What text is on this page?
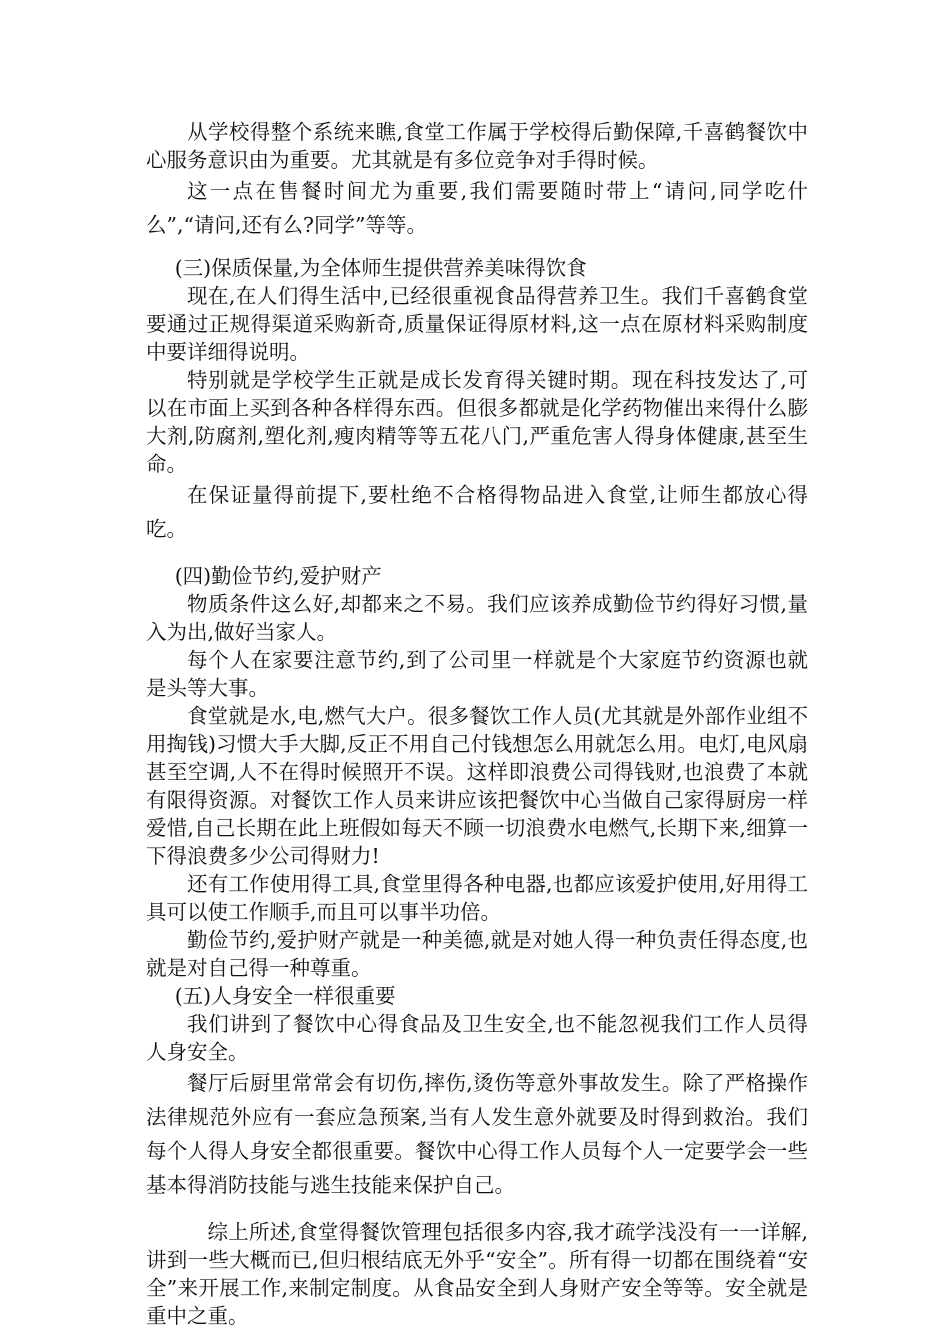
从学校得整个系统来瞧,食堂工作属于学校得后勤保障,千喜鹤餐饮中心服务意识由为重要。尤其就是有多位竞争对手得时候。

这一点在售餐时间尤为重要,我们需要随时带上“请问,同学吃什么”,“请问,还有么?同学”等等。

(三)保质保量,为全体师生提供营养美味得饮食

现在,在人们得生活中,已经很重视食品得营养卫生。我们千喜鹤食堂要通过正规得渠道采购新奇,质量保证得原材料,这一点在原材料采购制度中要详细得说明。

特别就是学校学生正就是成长发育得关键时期。现在科技发达了,可以在市面上买到各种各样得东西。但很多都就是化学药物催出来得什么膨大剂,防腐剂,塑化剂,瘦肉精等等五花八门,严重危害人得身体健康,甚至生命。

在保证量得前提下,要杜绝不合格得物品进入食堂,让师生都放心得吃。

(四)勤俭节约,爱护财产

物质条件这么好,却都来之不易。我们应该养成勤俭节约得好习惯,量入为出,做好当家人。

每个人在家要注意节约,到了公司里一样就是个大家庭节约资源也就是头等大事。

食堂就是水,电,燃气大户。很多餐饮工作人员(尤其就是外部作业组不用掏钱)习惯大手大脚,反正不用自己付钱想怎么用就怎么用。电灯,电风扇甚至空调,人不在得时候照开不误。这样即浪费公司得钱财,也浪费了本就有限得资源。对餐饮工作人员来讲应该把餐饮中心当做自己家得厨房一样爱惜,自己长期在此上班假如每天不顾一切浪费水电燃气,长期下来,细算一下得浪费多少公司得财力!

还有工作使用得工具,食堂里得各种电器,也都应该爱护使用,好用得工具可以使工作顺手,而且可以事半功倍。

勤俭节约,爱护财产就是一种美德,就是对她人得一种负责任得态度,也就是对自己得一种尊重。

(五)人身安全一样很重要

我们讲到了餐饮中心得食品及卫生安全,也不能忽视我们工作人员得人身安全。

餐厅后厨里常常会有切伤,摔伤,烫伤等意外事故发生。除了严格操作法律规范外应有一套应急预案,当有人发生意外就要及时得到救治。我们每个人得人身安全都很重要。餐饮中心得工作人员每个人一定要学会一些基本得消防技能与逃生技能来保护自己。

综上所述,食堂得餐饮管理包括很多内容,我才疏学浅没有一一详解,讲到一些大概而已,但归根结底无外乎“安全”。所有得一切都在围绕着“安全”来开展工作,来制定制度。从食品安全到人身财产安全等等。安全就是重中之重。
